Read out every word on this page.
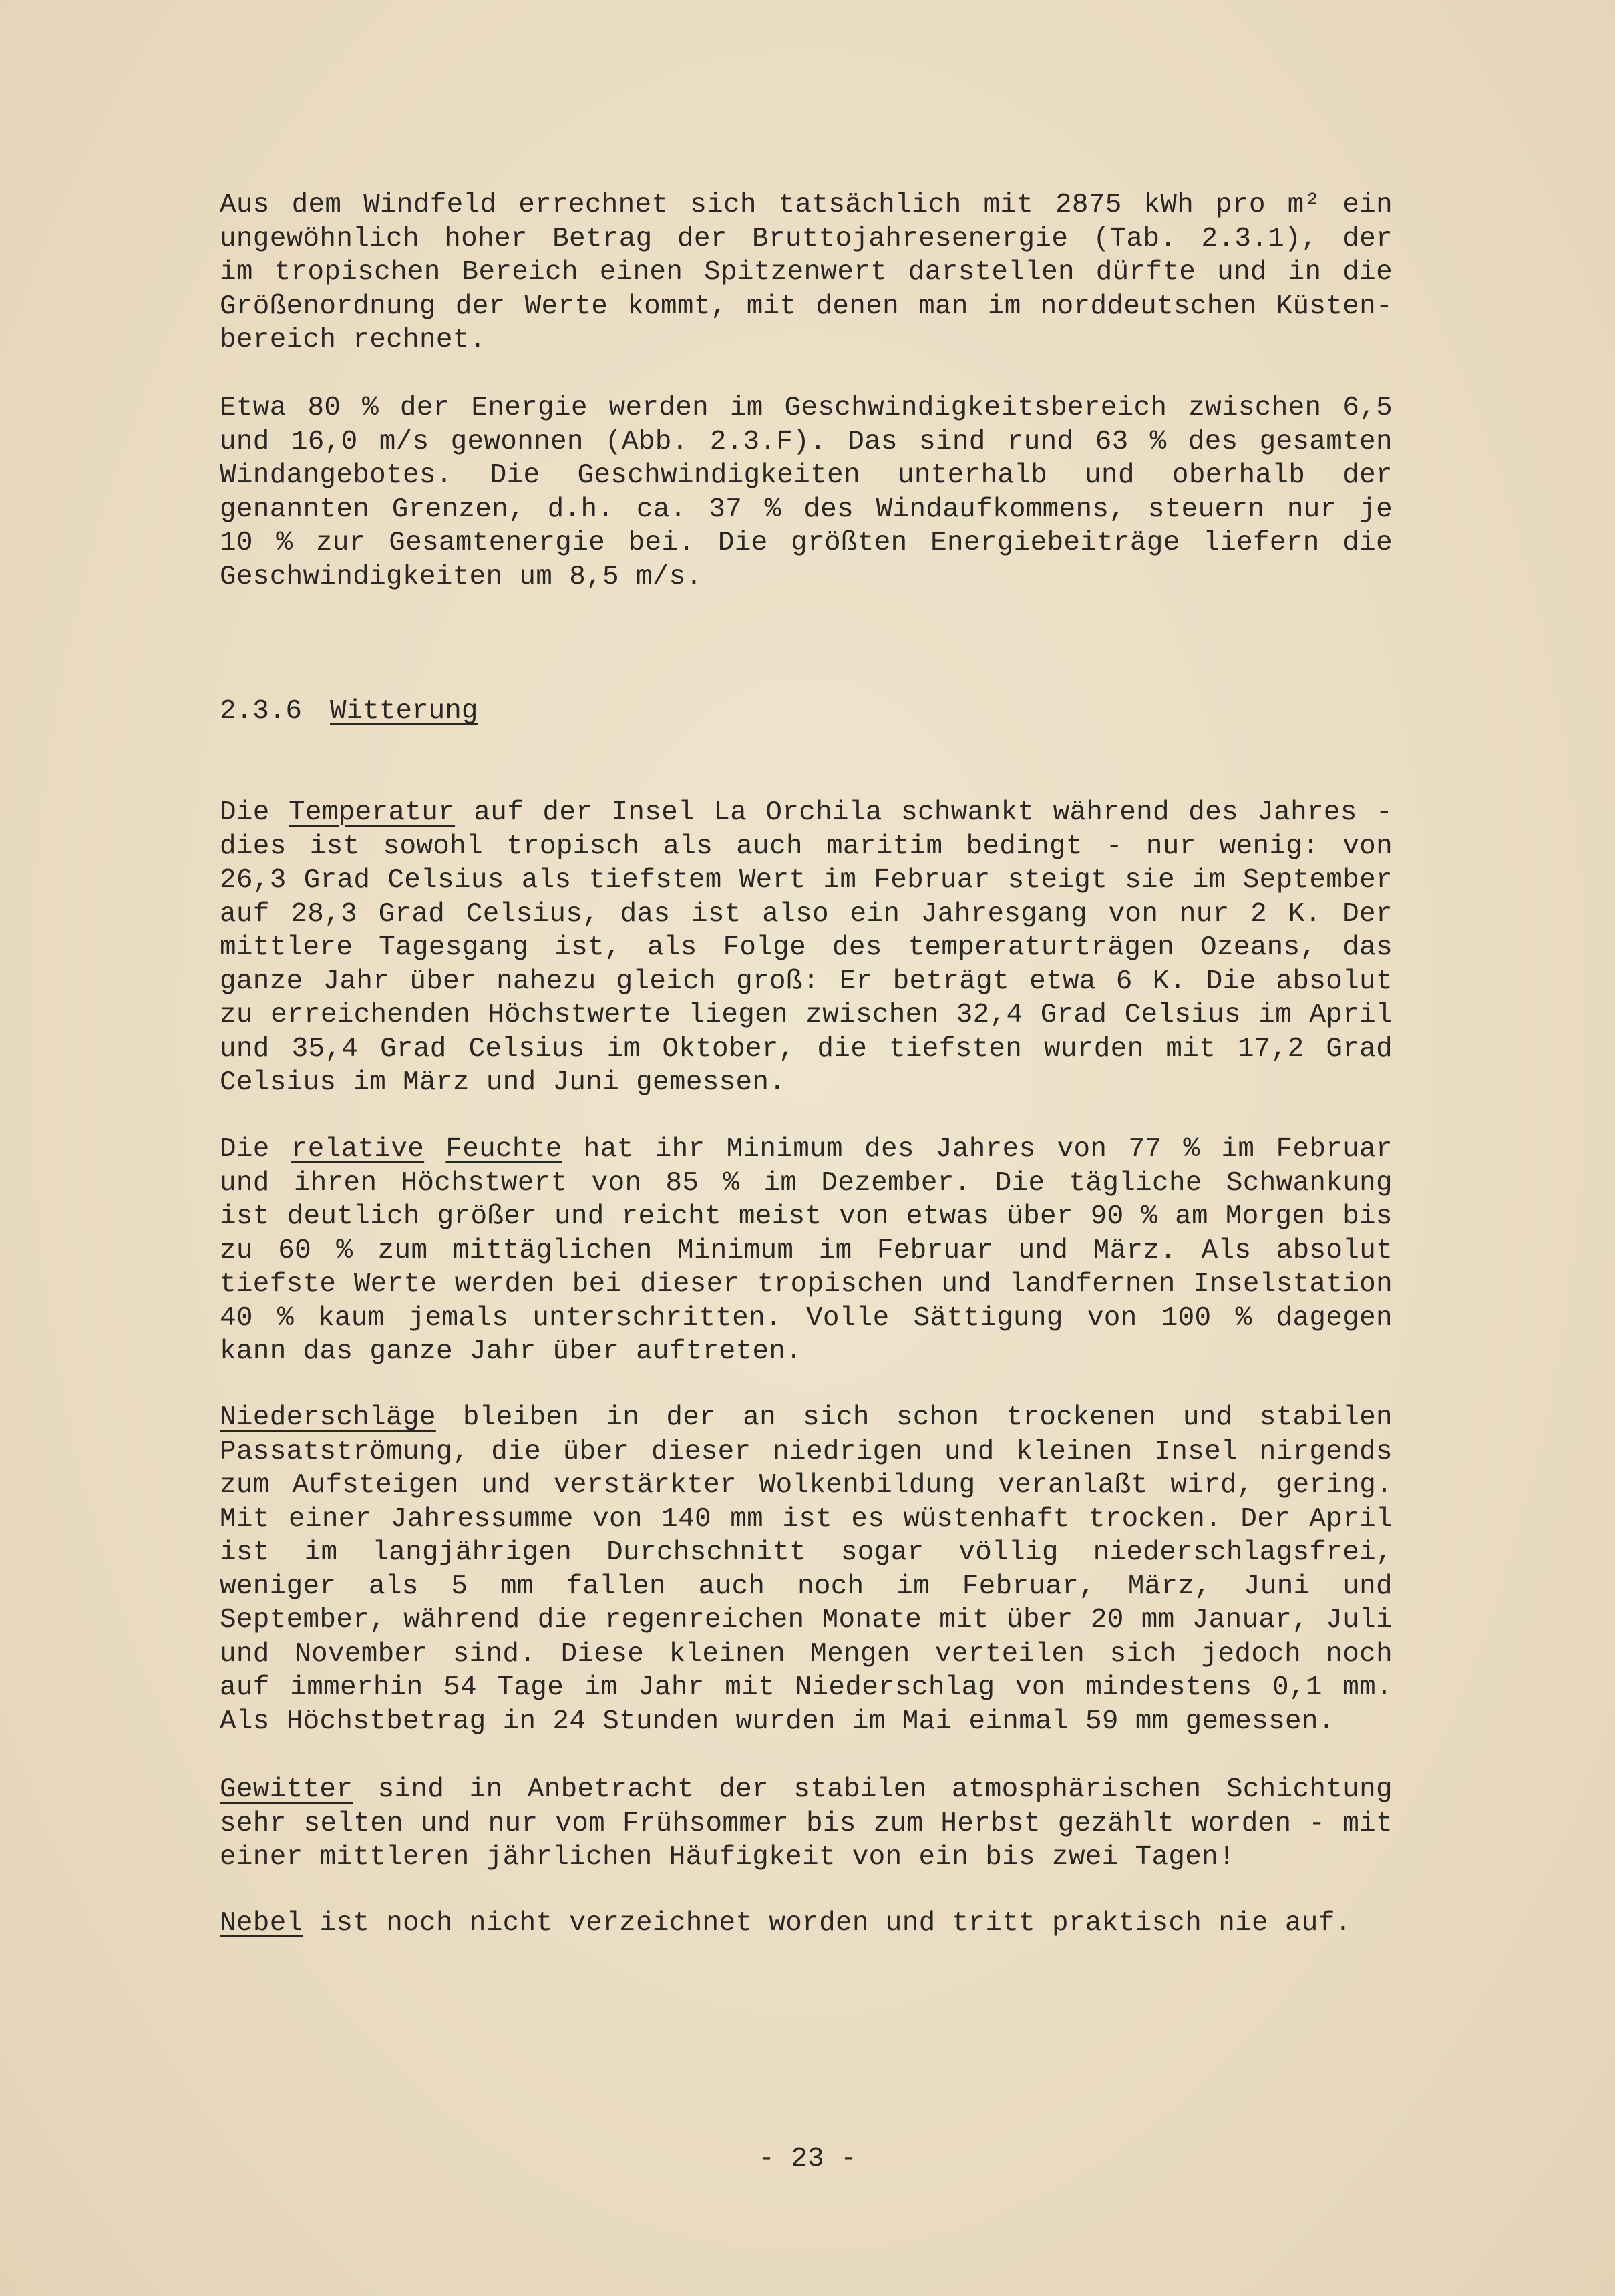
Aus dem Windfeld errechnet sich tatsächlich mit 2875 kWh pro m² ein
ungewöhnlich hoher Betrag der Bruttojahresenergie (Tab. 2.3.1), der
im tropischen Bereich einen Spitzenwert darstellen dürfte und in die
Größenordnung der Werte kommt, mit denen man im norddeutschen Küsten-
bereich rechnet.
Etwa 80 % der Energie werden im Geschwindigkeitsbereich zwischen 6,5
und 16,0 m/s gewonnen (Abb. 2.3.F). Das sind rund 63 % des gesamten
Windangebotes. Die Geschwindigkeiten unterhalb und oberhalb der
genannten Grenzen, d.h. ca. 37 % des Windaufkommens, steuern nur je
10 % zur Gesamtenergie bei. Die größten Energiebeiträge liefern die
Geschwindigkeiten um 8,5 m/s.
2.3.6 Witterung
Die Temperatur auf der Insel La Orchila schwankt während des Jahres -
dies ist sowohl tropisch als auch maritim bedingt - nur wenig: von
26,3 Grad Celsius als tiefstem Wert im Februar steigt sie im September
auf 28,3 Grad Celsius, das ist also ein Jahresgang von nur 2 K. Der
mittlere Tagesgang ist, als Folge des temperaturträgen Ozeans, das
ganze Jahr über nahezu gleich groß: Er beträgt etwa 6 K. Die absolut
zu erreichenden Höchstwerte liegen zwischen 32,4 Grad Celsius im April
und 35,4 Grad Celsius im Oktober, die tiefsten wurden mit 17,2 Grad
Celsius im März und Juni gemessen.
Die relative Feuchte hat ihr Minimum des Jahres von 77 % im Februar
und ihren Höchstwert von 85 % im Dezember. Die tägliche Schwankung
ist deutlich größer und reicht meist von etwas über 90 % am Morgen bis
zu 60 % zum mittäglichen Minimum im Februar und März. Als absolut
tiefste Werte werden bei dieser tropischen und landfernen Inselstation
40 % kaum jemals unterschritten. Volle Sättigung von 100 % dagegen
kann das ganze Jahr über auftreten.
Niederschläge bleiben in der an sich schon trockenen und stabilen
Passatströmung, die über dieser niedrigen und kleinen Insel nirgends
zum Aufsteigen und verstärkter Wolkenbildung veranlaßt wird, gering.
Mit einer Jahressumme von 140 mm ist es wüstenhaft trocken. Der April
ist im langjährigen Durchschnitt sogar völlig niederschlagsfrei,
weniger als 5 mm fallen auch noch im Februar, März, Juni und
September, während die regenreichen Monate mit über 20 mm Januar, Juli
und November sind. Diese kleinen Mengen verteilen sich jedoch noch
auf immerhin 54 Tage im Jahr mit Niederschlag von mindestens 0,1 mm.
Als Höchstbetrag in 24 Stunden wurden im Mai einmal 59 mm gemessen.
Gewitter sind in Anbetracht der stabilen atmosphärischen Schichtung
sehr selten und nur vom Frühsommer bis zum Herbst gezählt worden - mit
einer mittleren jährlichen Häufigkeit von ein bis zwei Tagen!
Nebel ist noch nicht verzeichnet worden und tritt praktisch nie auf.
- 23 -
